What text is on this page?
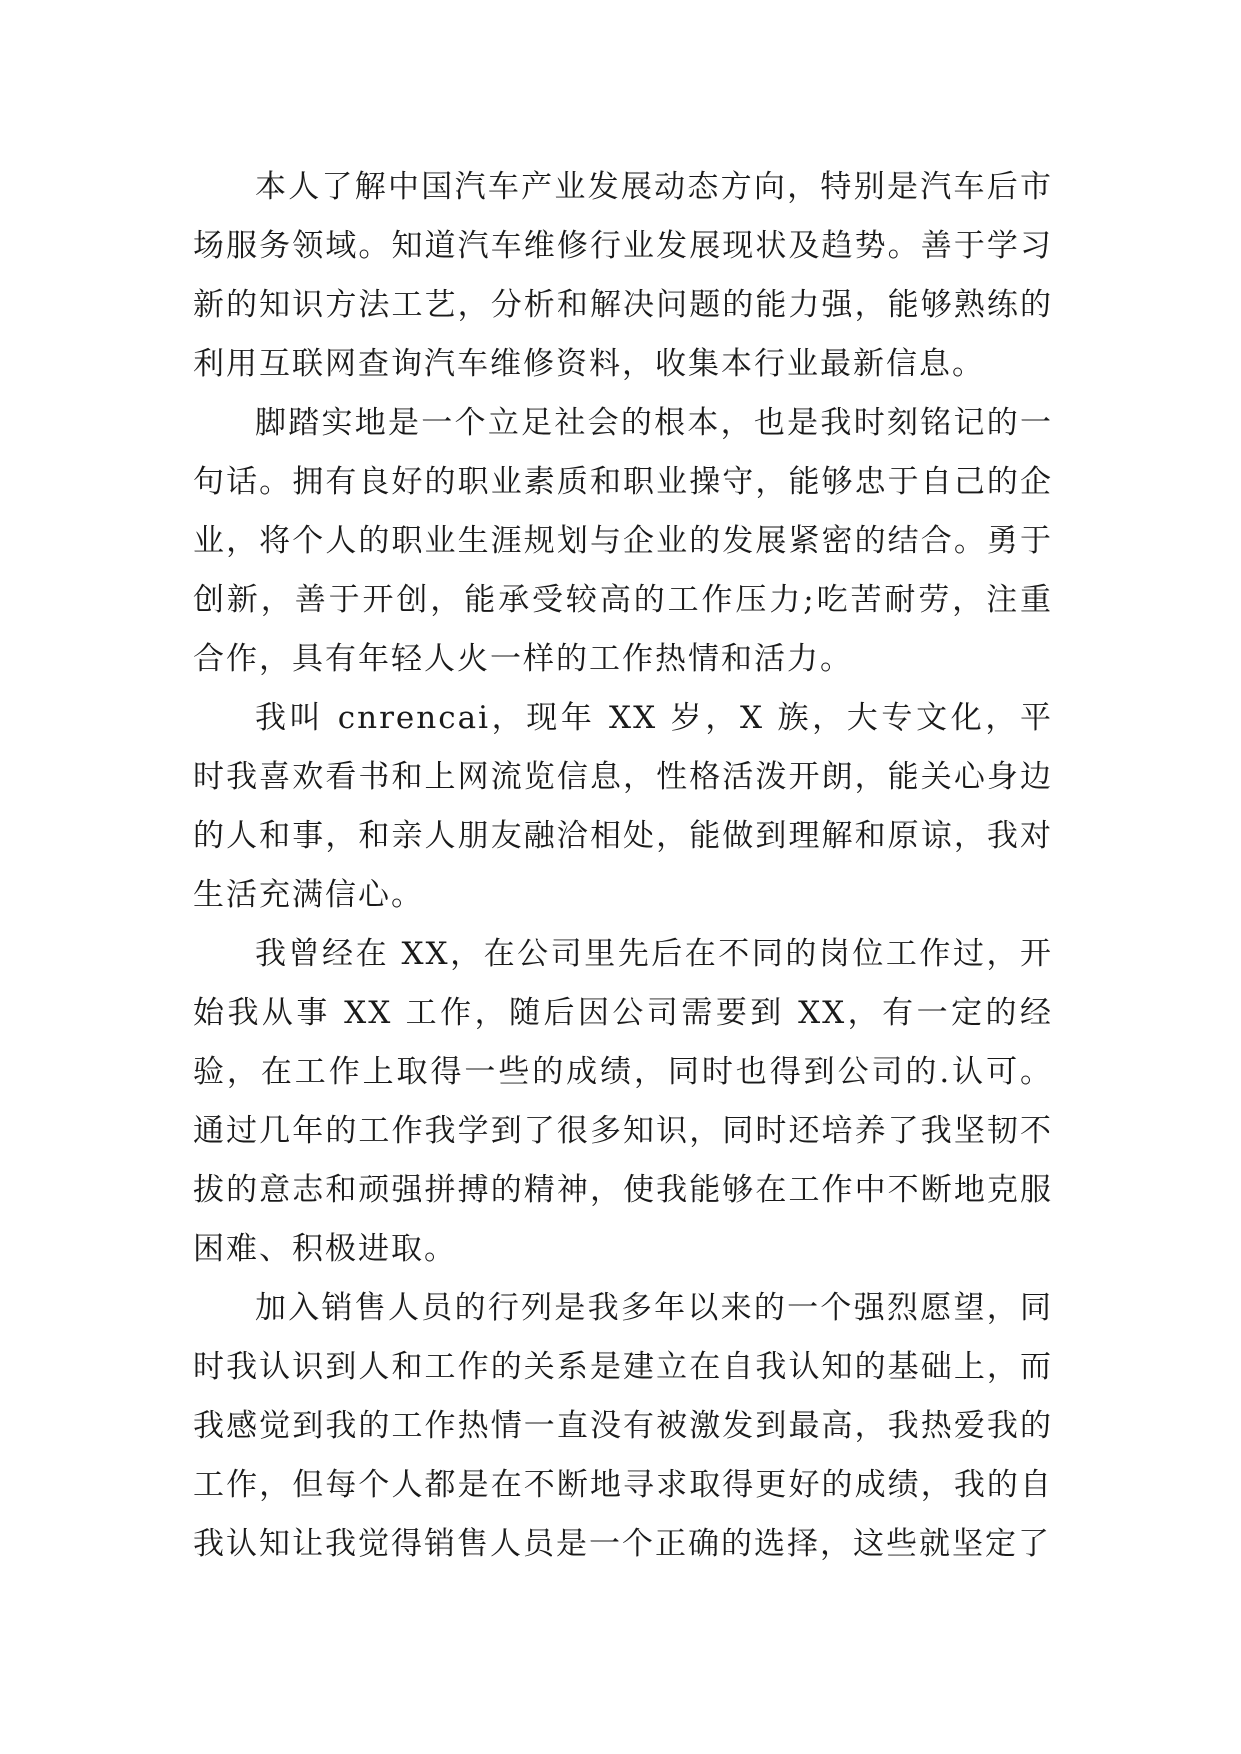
本人了解中国汽车产业发展动态方向，特别是汽车后市场服务领域。知道汽车维修行业发展现状及趋势。善于学习新的知识方法工艺，分析和解决问题的能力强，能够熟练的利用互联网查询汽车维修资料，收集本行业最新信息。

脚踏实地是一个立足社会的根本，也是我时刻铭记的一句话。拥有良好的职业素质和职业操守，能够忠于自己的企业，将个人的职业生涯规划与企业的发展紧密的结合。勇于创新，善于开创，能承受较高的工作压力;吃苦耐劳，注重合作，具有年轻人火一样的工作热情和活力。

我叫 cnrencai，现年 XX 岁，X 族，大专文化，平时我喜欢看书和上网流览信息，性格活泼开朗，能关心身边的人和事，和亲人朋友融洽相处，能做到理解和原谅，我对生活充满信心。

我曾经在 XX，在公司里先后在不同的岗位工作过，开始我从事 XX 工作，随后因公司需要到 XX，有一定的经验，在工作上取得一些的成绩，同时也得到公司的.认可。通过几年的工作我学到了很多知识，同时还培养了我坚韧不拔的意志和顽强拼搏的精神，使我能够在工作中不断地克服困难、积极进取。

加入销售人员的行列是我多年以来的一个强烈愿望，同时我认识到人和工作的关系是建立在自我认知的基础上，而我感觉到我的工作热情一直没有被激发到最高，我热爱我的工作，但每个人都是在不断地寻求取得更好的成绩，我的自我认知让我觉得销售人员是一个正确的选择，这些就坚定了
